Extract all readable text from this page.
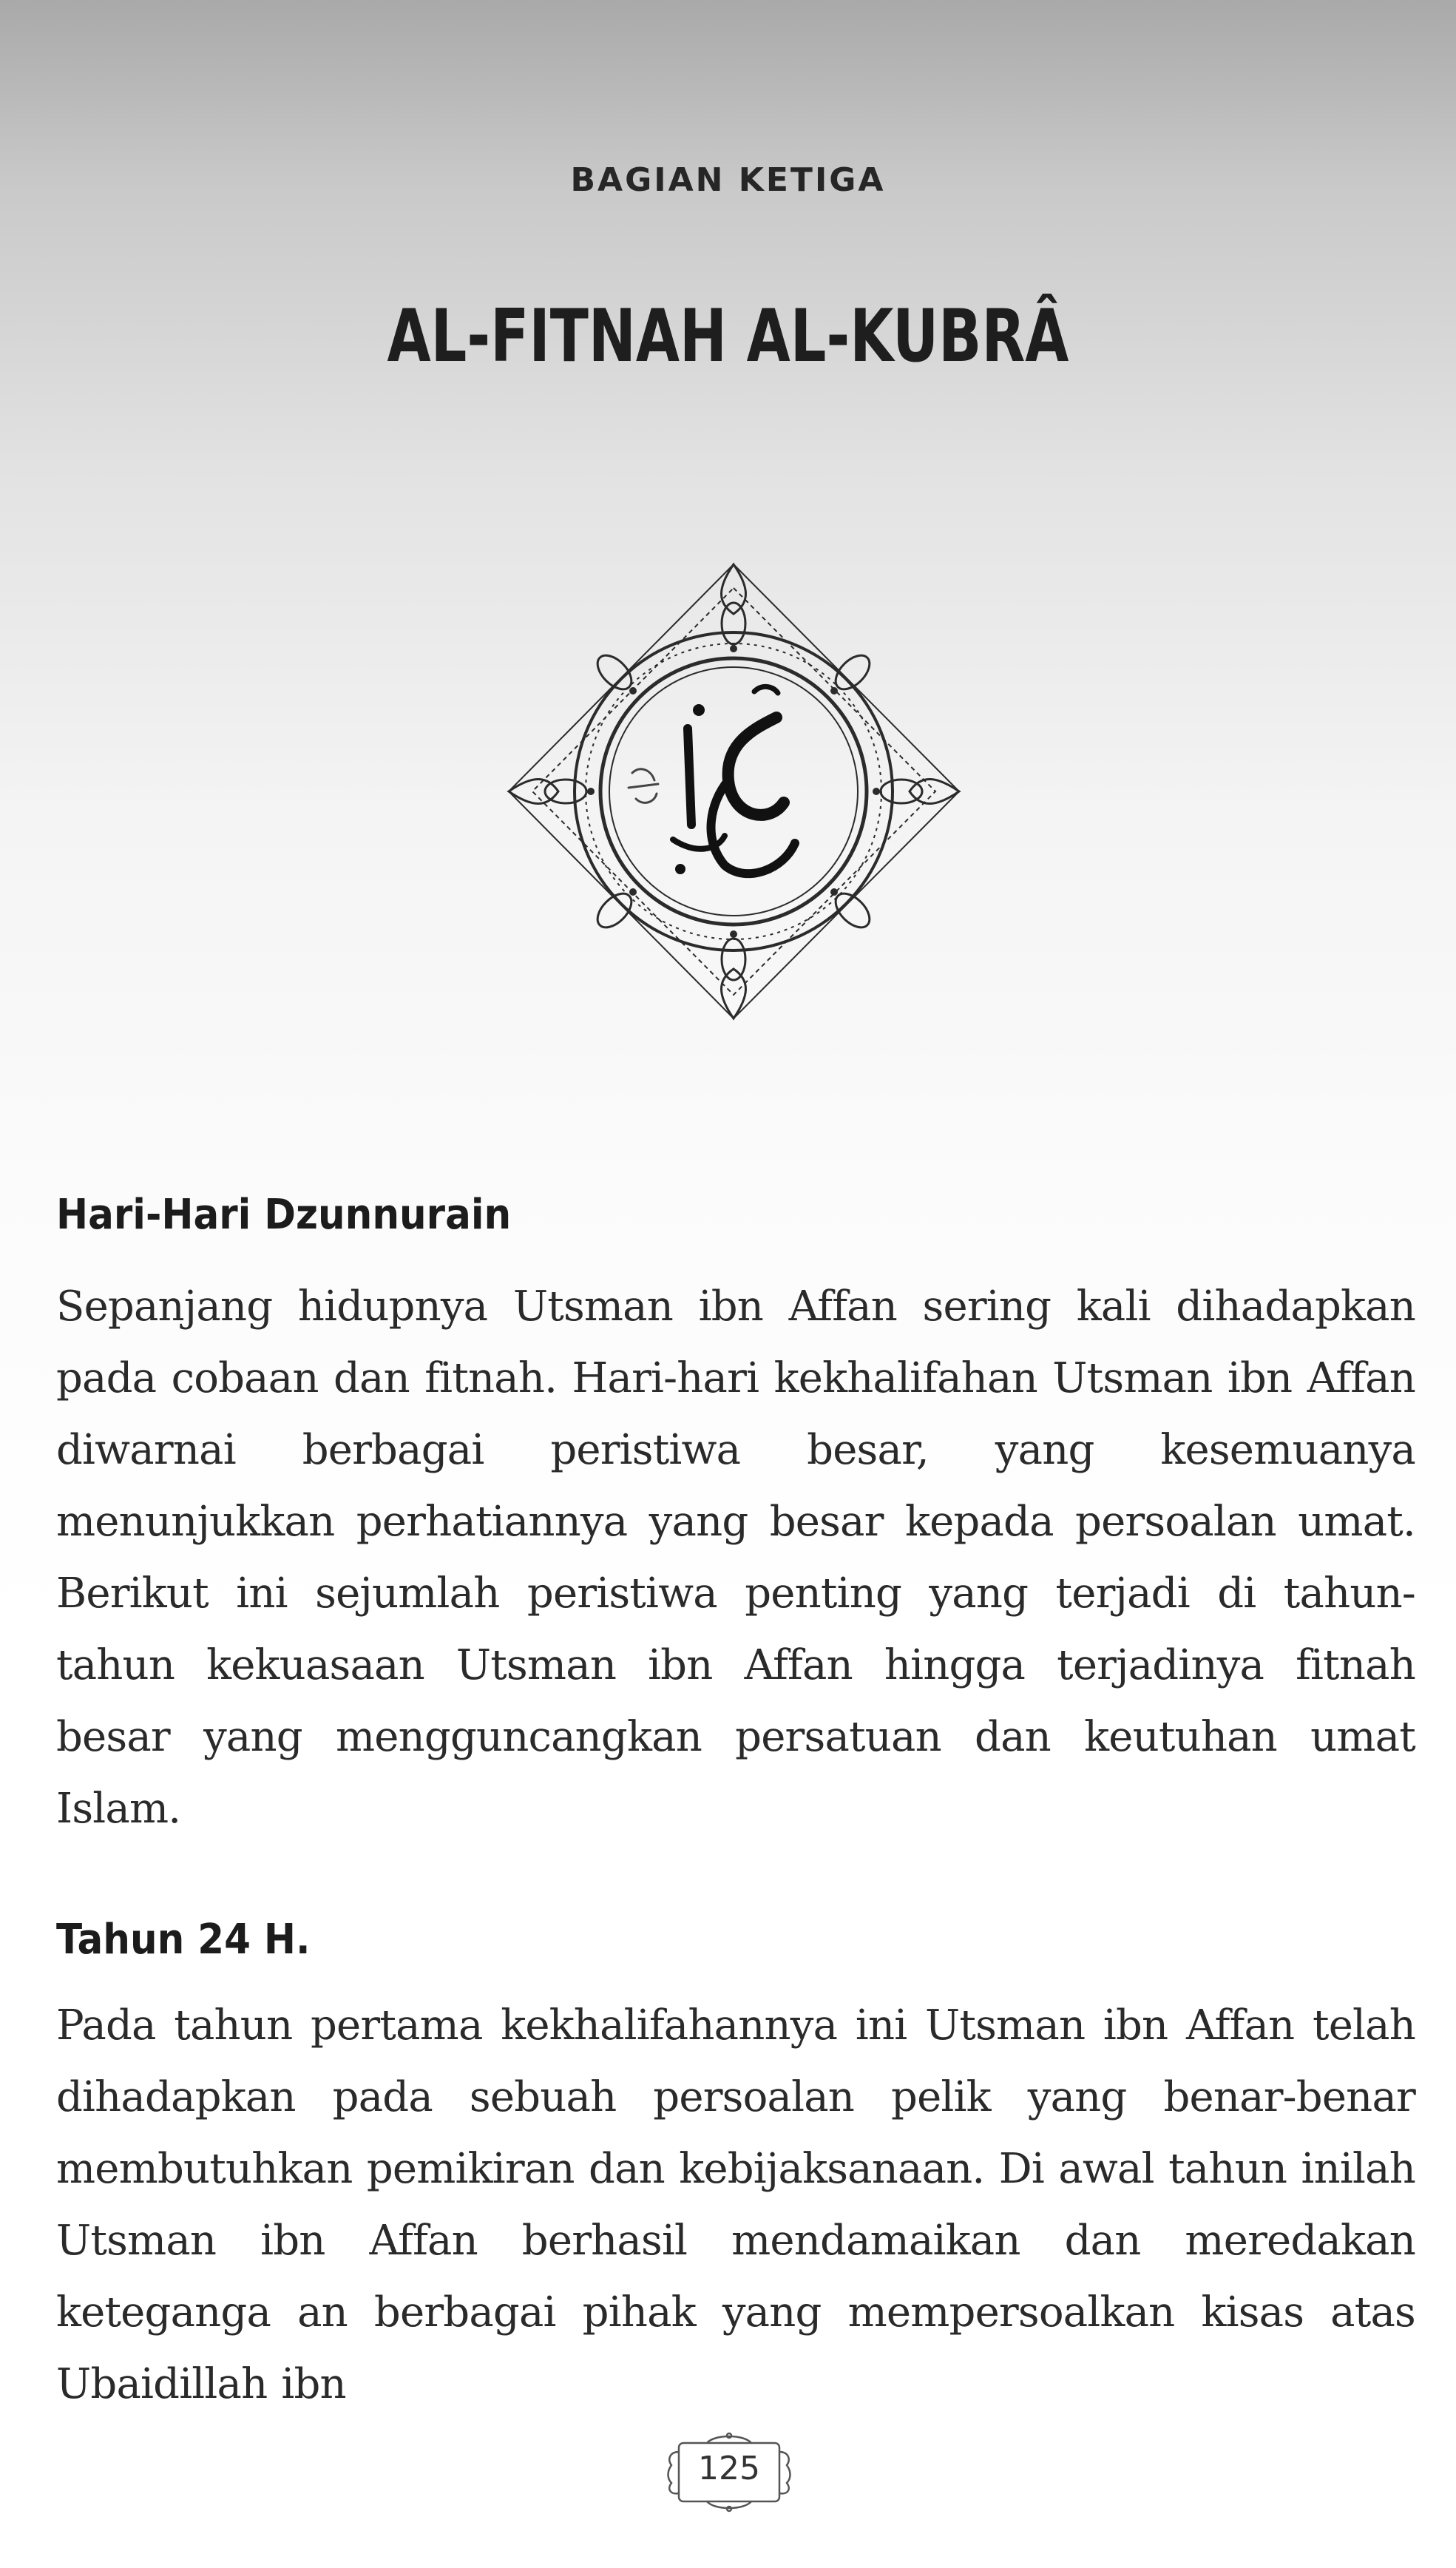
BAGIAN KETIGA
AL-FITNAH AL-KUBRÂ
Hari-Hari Dzunnurain

Sepanjang hidupnya Utsman ibn Affan sering kali dihadapkan pada cobaan dan fitnah. Hari-hari kekhalifahan Utsman ibn Affan diwarnai berbagai peristiwa besar, yang kesemuanya menunjukkan perhatiannya yang besar kepada persoalan umat. Berikut ini sejumlah peristiwa penting yang terjadi di tahun-tahun kekuasaan Utsman ibn Affan hingga terjadinya fitnah besar yang mengguncangkan persatuan dan keutuhan umat Islam.

Tahun 24 H.

Pada tahun pertama kekhalifahannya ini Utsman ibn Affan telah dihadapkan pada sebuah persoalan pelik yang benar-benar membutuhkan pemikiran dan kebijaksanaan. Di awal tahun inilah Utsman ibn Affan berhasil mendamaikan dan meredakan keteganga an berbagai pihak yang mempersoalkan kisas atas Ubaidillah ibn

125
